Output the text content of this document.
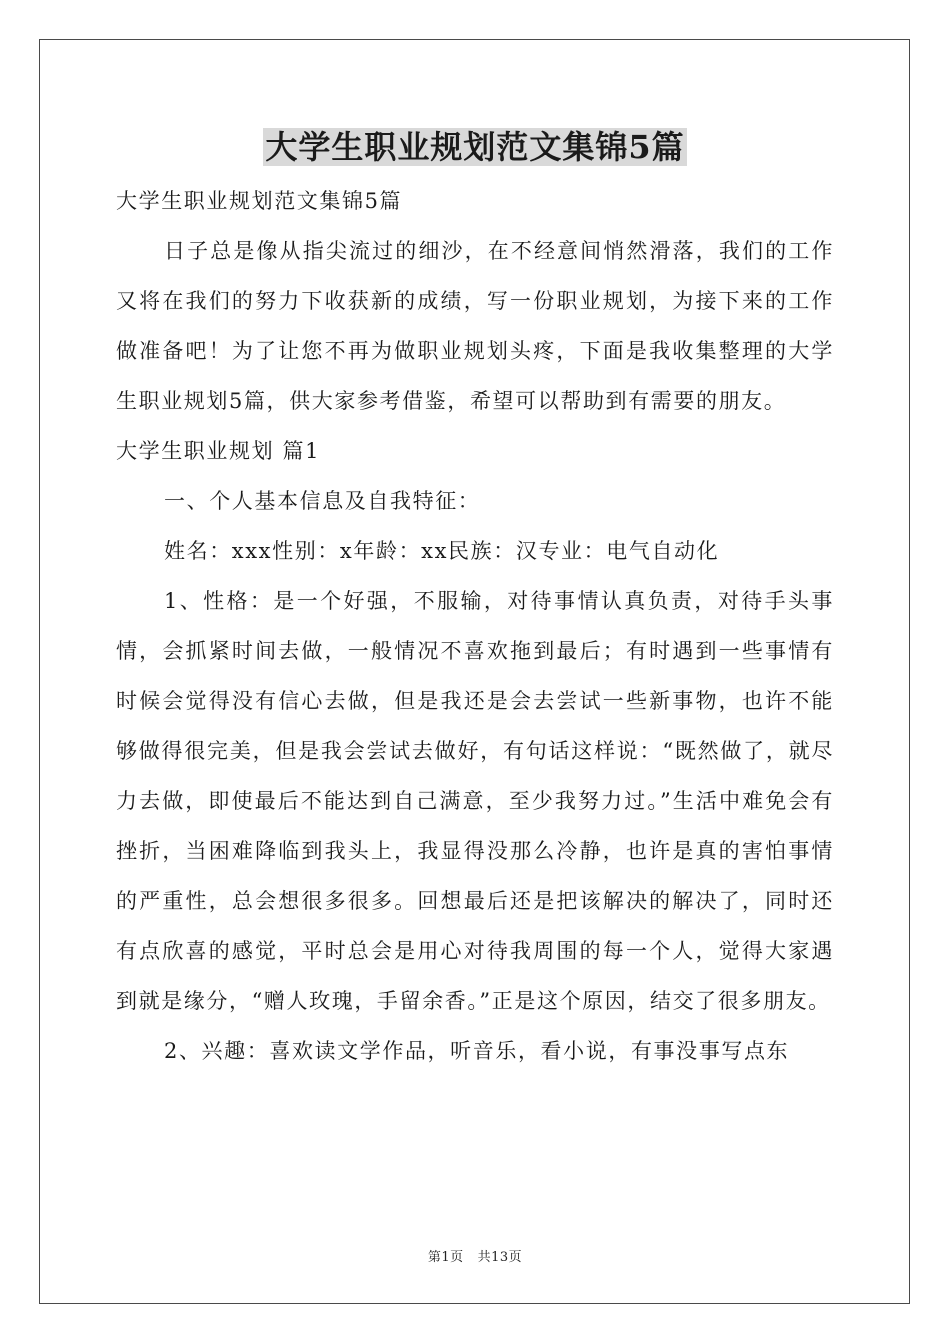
大学生职业规划范文集锦5篇

大学生职业规划范文集锦5篇

日子总是像从指尖流过的细沙，在不经意间悄然滑落，我们的工作又将在我们的努力下收获新的成绩，写一份职业规划，为接下来的工作做准备吧！为了让您不再为做职业规划头疼，下面是我收集整理的大学生职业规划5篇，供大家参考借鉴，希望可以帮助到有需要的朋友。

大学生职业规划 篇1

一、个人基本信息及自我特征：

姓名：xxx性别：x年龄：xx民族：汉专业：电气自动化

1、性格：是一个好强，不服输，对待事情认真负责，对待手头事情，会抓紧时间去做，一般情况不喜欢拖到最后；有时遇到一些事情有时候会觉得没有信心去做，但是我还是会去尝试一些新事物，也许不能够做得很完美，但是我会尝试去做好，有句话这样说：“既然做了，就尽力去做，即使最后不能达到自己满意，至少我努力过。”生活中难免会有挫折，当困难降临到我头上，我显得没那么冷静，也许是真的害怕事情的严重性，总会想很多很多。回想最后还是把该解决的解决了，同时还有点欣喜的感觉，平时总会是用心对待我周围的每一个人，觉得大家遇到就是缘分，“赠人玫瑰，手留余香。”正是这个原因，结交了很多朋友。

2、兴趣：喜欢读文学作品，听音乐，看小说，有事没事写点东

第1页 共13页
